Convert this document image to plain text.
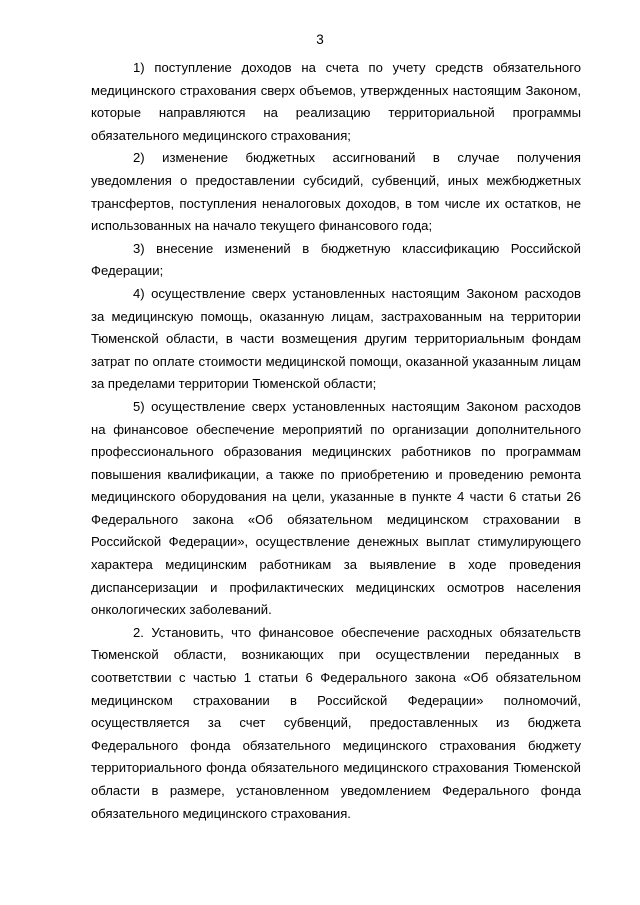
3

1) поступление доходов на счета по учету средств обязательного медицинского страхования сверх объемов, утвержденных настоящим Законом, которые направляются на реализацию территориальной программы обязательного медицинского страхования;

2) изменение бюджетных ассигнований в случае получения уведомления о предоставлении субсидий, субвенций, иных межбюджетных трансфертов, поступления неналоговых доходов, в том числе их остатков, не использованных на начало текущего финансового года;

3) внесение изменений в бюджетную классификацию Российской Федерации;

4) осуществление сверх установленных настоящим Законом расходов за медицинскую помощь, оказанную лицам, застрахованным на территории Тюменской области, в части возмещения другим территориальным фондам затрат по оплате стоимости медицинской помощи, оказанной указанным лицам за пределами территории Тюменской области;

5) осуществление сверх установленных настоящим Законом расходов на финансовое обеспечение мероприятий по организации дополнительного профессионального образования медицинских работников по программам повышения квалификации, а также по приобретению и проведению ремонта медицинского оборудования на цели, указанные в пункте 4 части 6 статьи 26 Федерального закона «Об обязательном медицинском страховании в Российской Федерации», осуществление денежных выплат стимулирующего характера медицинским работникам за выявление в ходе проведения диспансеризации и профилактических медицинских осмотров населения онкологических заболеваний.

2. Установить, что финансовое обеспечение расходных обязательств Тюменской области, возникающих при осуществлении переданных в соответствии с частью 1 статьи 6 Федерального закона «Об обязательном медицинском страховании в Российской Федерации» полномочий, осуществляется за счет субвенций, предоставленных из бюджета Федерального фонда обязательного медицинского страхования бюджету территориального фонда обязательного медицинского страхования Тюменской области в размере, установленном уведомлением Федерального фонда обязательного медицинского страхования.
